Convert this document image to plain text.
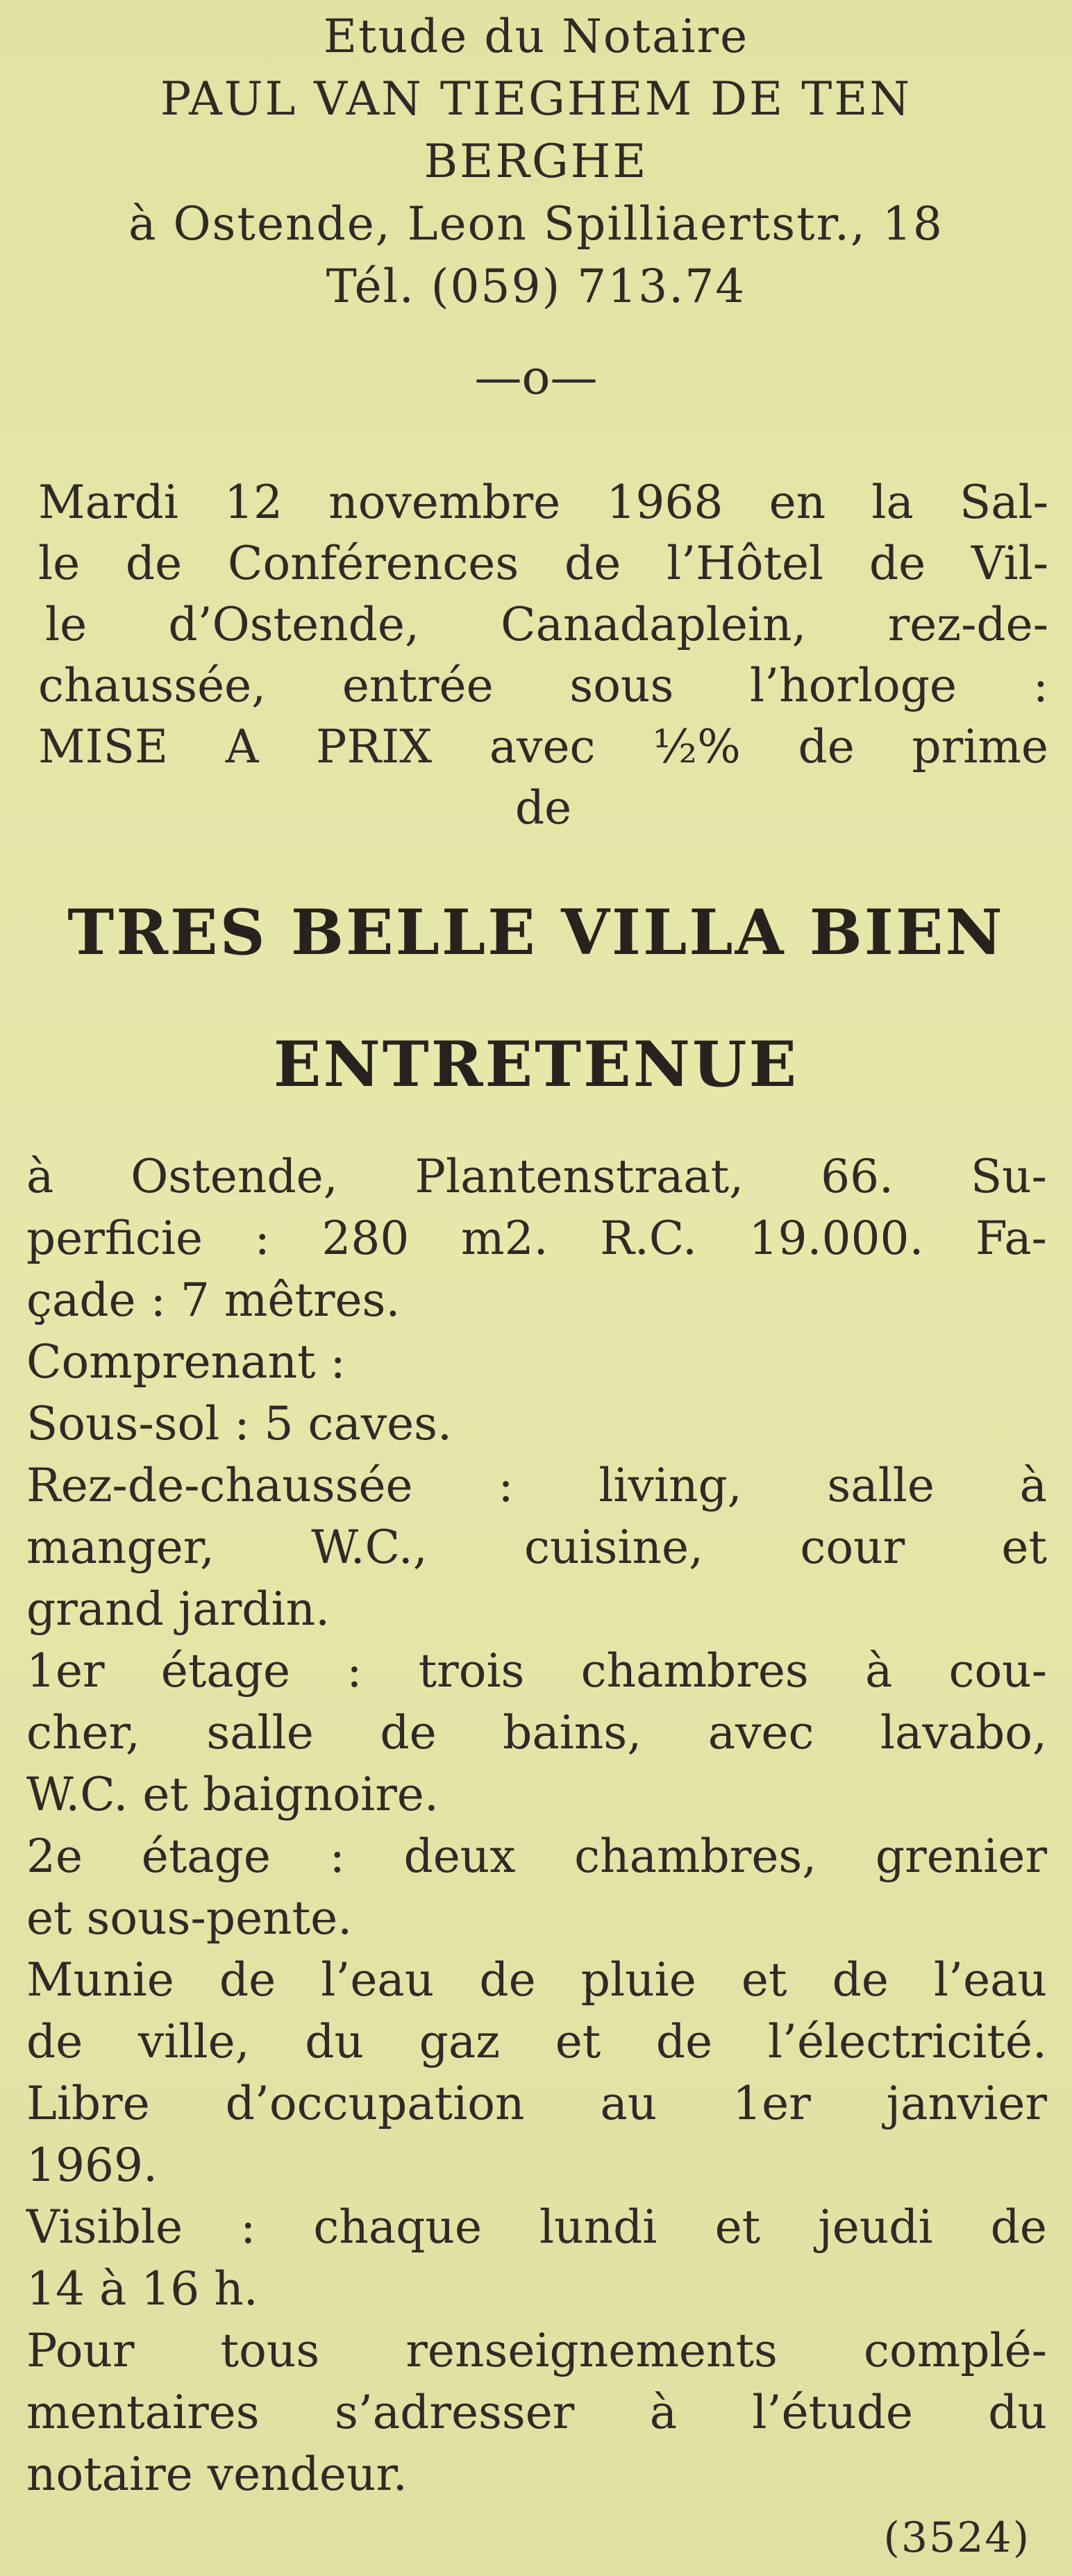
Etude du Notaire
PAUL VAN TIEGHEM DE TEN
BERGHE
à Ostende, Leon Spilliaertstr., 18
Tél. (059) 713.74
—o—
Mardi 12 novembre 1968 en la Sal-
le de Conférences de l’Hôtel de Vil-
le d’Ostende, Canadaplein, rez-de-
chaussée, entrée sous l’horloge :
MISE A PRIX avec ½% de prime
de
TRES BELLE VILLA BIEN
ENTRETENUE
à Ostende, Plantenstraat, 66. Su-
perficie : 280 m2. R.C. 19.000. Fa-
çade : 7 mêtres.
Comprenant :
Sous-sol : 5 caves.
Rez-de-chaussée : living, salle à
manger, W.C., cuisine, cour et
grand jardin.
1er étage : trois chambres à cou-
cher, salle de bains, avec lavabo,
W.C. et baignoire.
2e étage : deux chambres, grenier
et sous-pente.
Munie de l’eau de pluie et de l’eau
de ville, du gaz et de l’électricité.
Libre d’occupation au 1er janvier
1969.
Visible : chaque lundi et jeudi de
14 à 16 h.
Pour tous renseignements complé-
mentaires s’adresser à l’étude du
notaire vendeur.
(3524)
